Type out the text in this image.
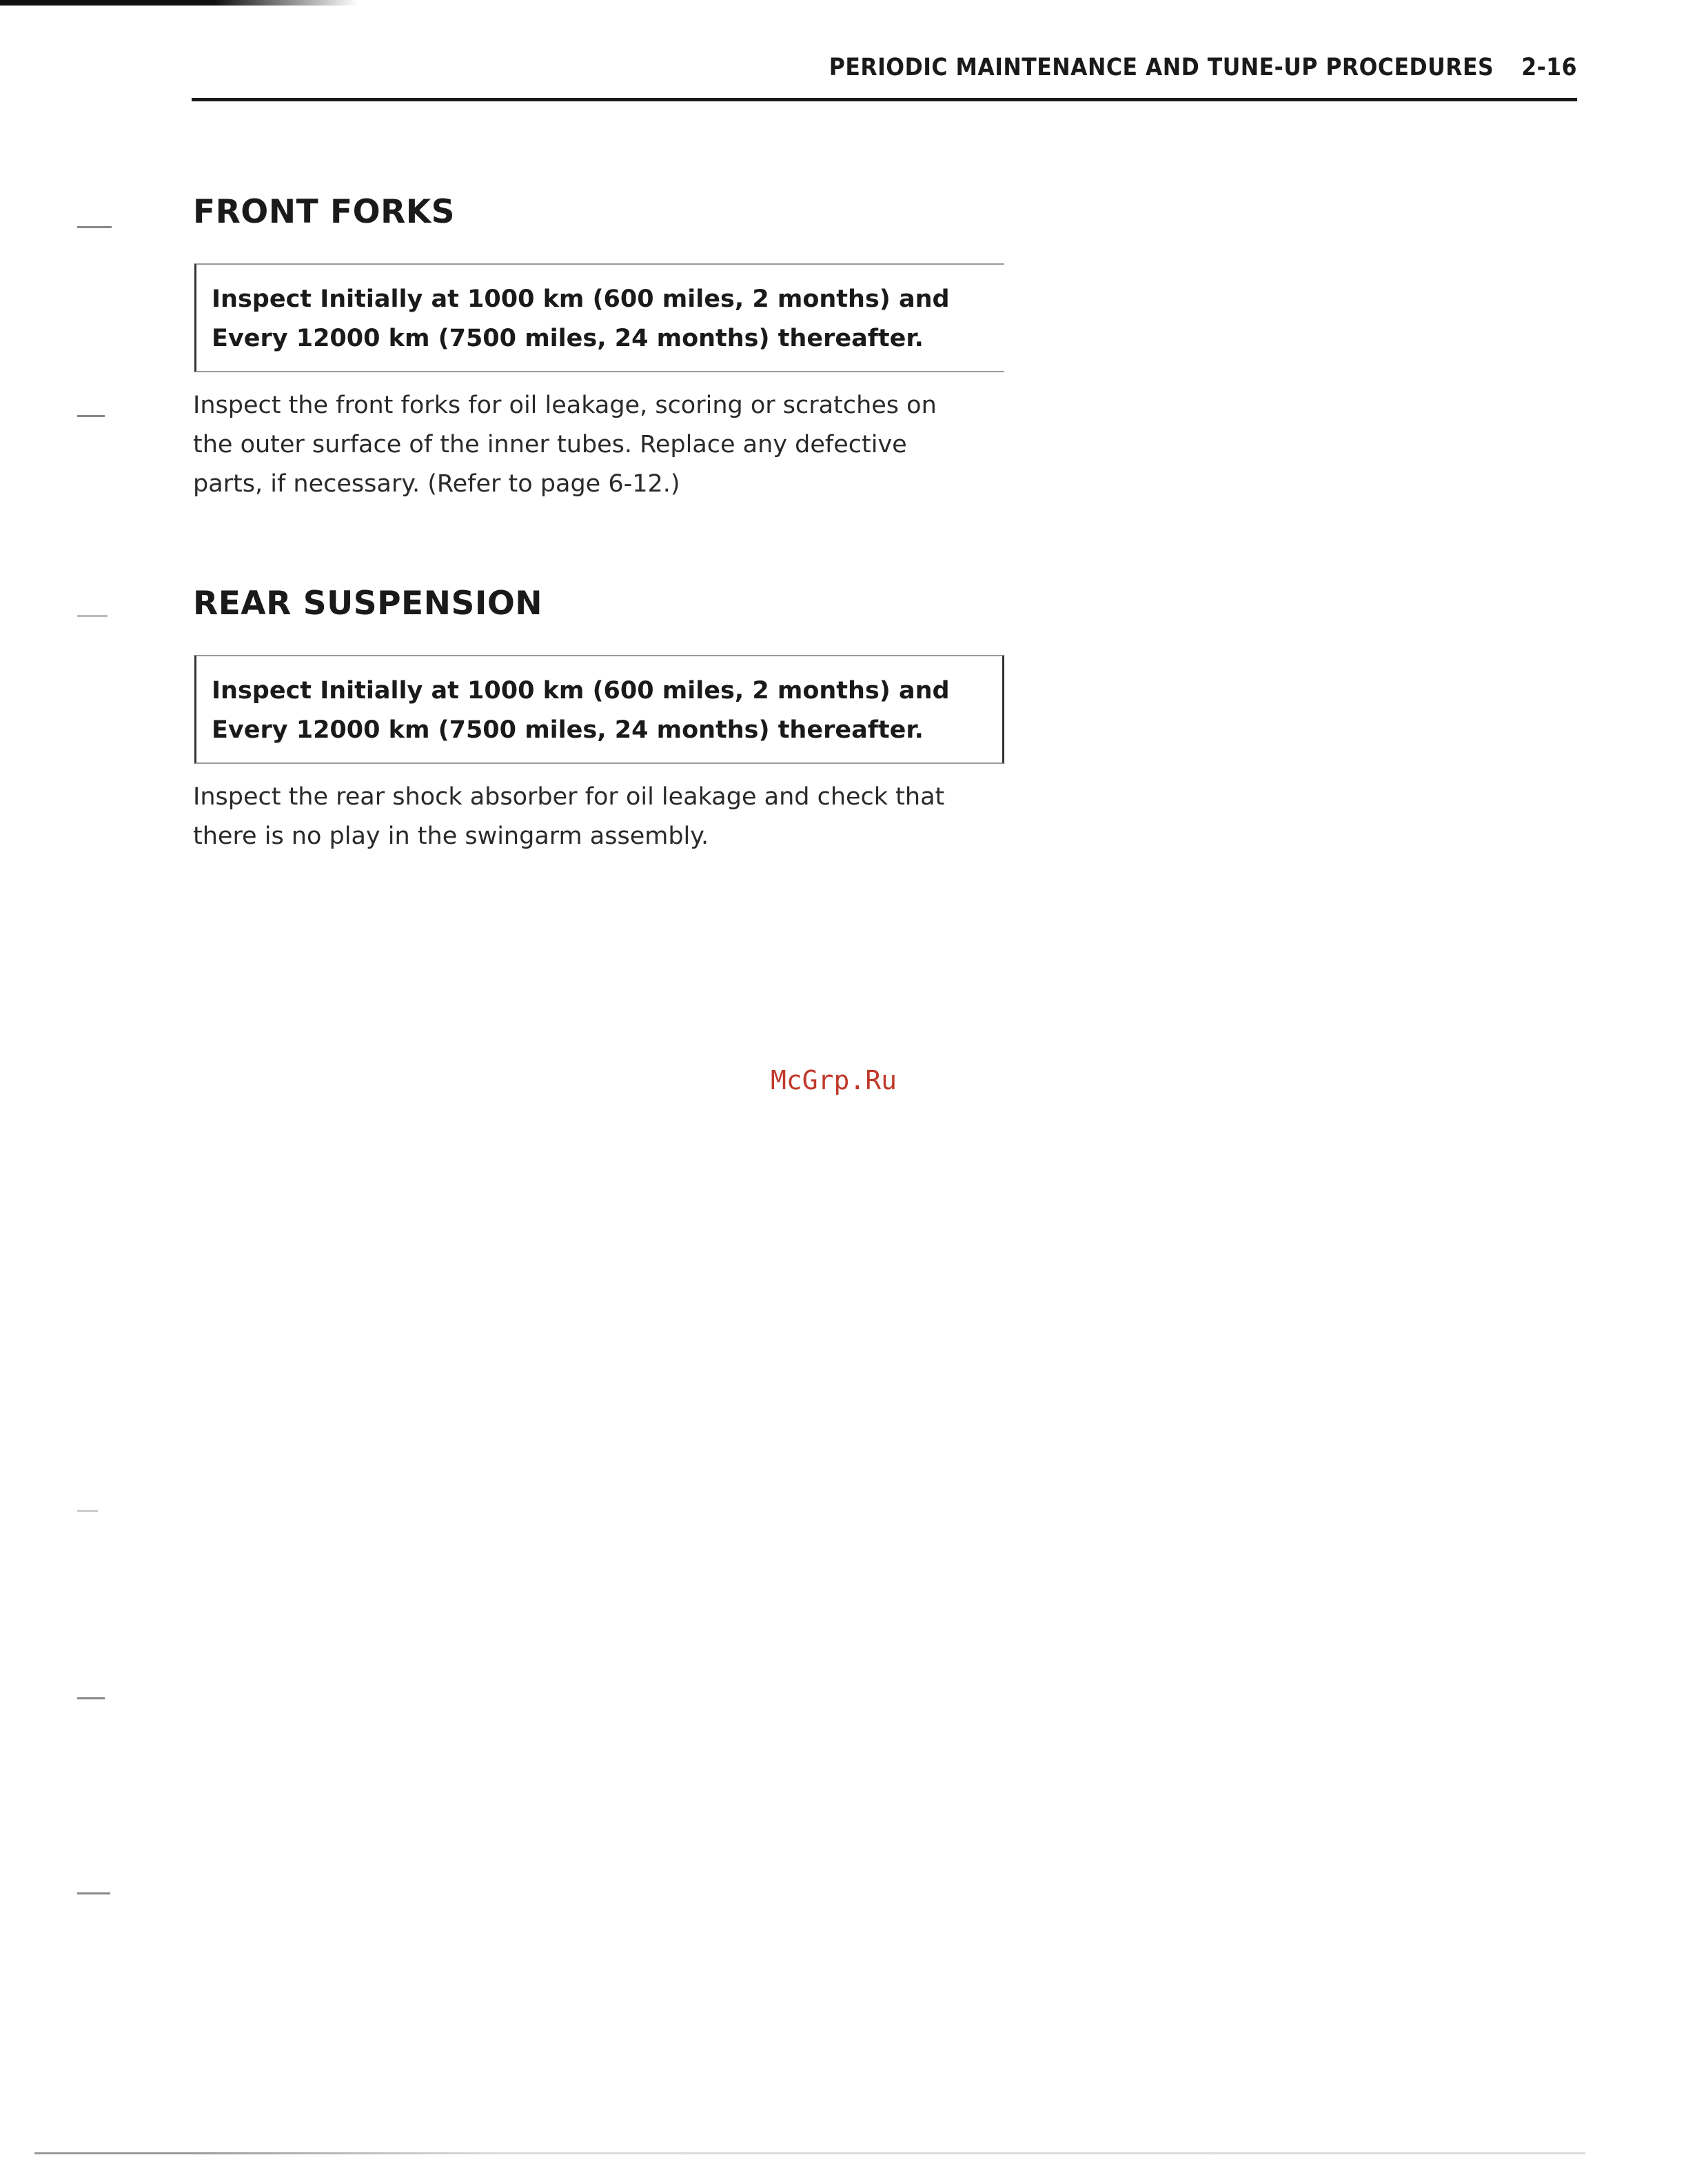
PERIODIC MAINTENANCE AND TUNE-UP PROCEDURES 2-16
FRONT FORKS
Inspect Initially at 1000 km (600 miles, 2 months) and
Every 12000 km (7500 miles, 24 months) thereafter.
Inspect the front forks for oil leakage, scoring or scratches on
the outer surface of the inner tubes. Replace any defective
parts, if necessary. (Refer to page 6-12.)
REAR SUSPENSION
Inspect Initially at 1000 km (600 miles, 2 months) and
Every 12000 km (7500 miles, 24 months) thereafter.
Inspect the rear shock absorber for oil leakage and check that
there is no play in the swingarm assembly.
McGrp.Ru
